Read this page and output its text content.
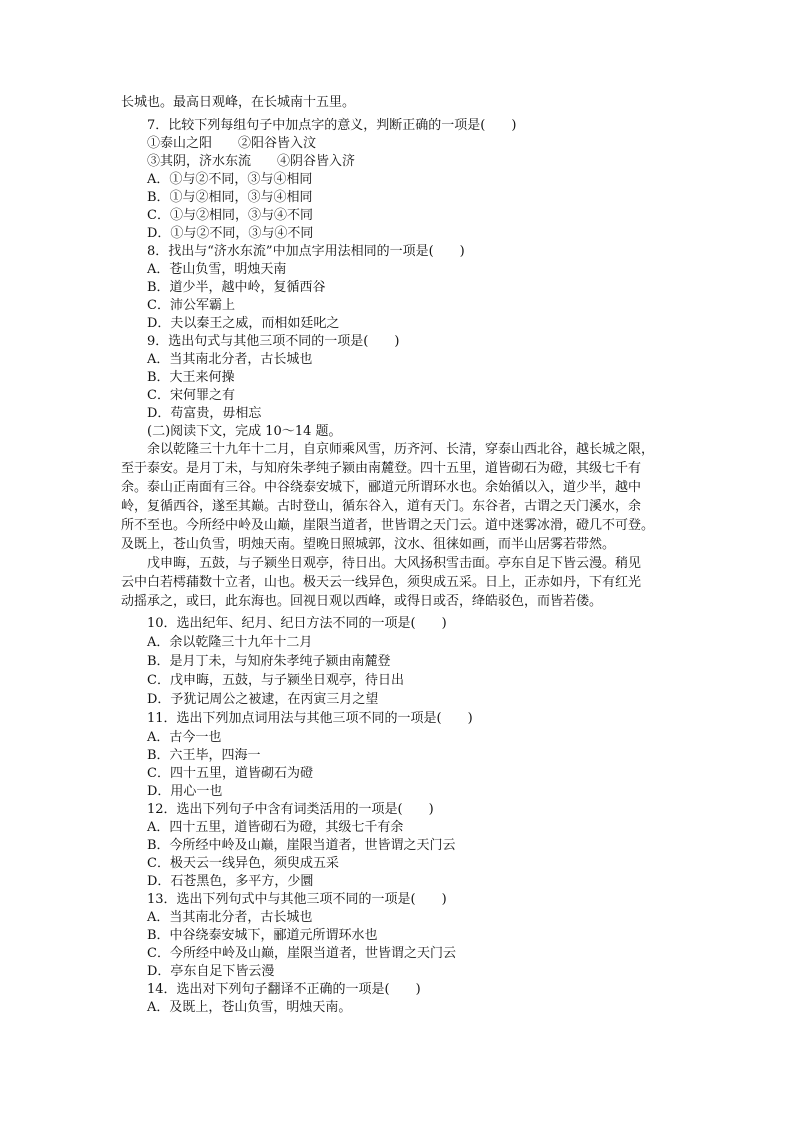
长城也。最高日观峰，在长城南十五里。
7．比较下列每组句子中加点字的意义，判断正确的一项是(　　)
①泰山之阳　　②阳谷皆入汶
③其阴，济水东流　　④阴谷皆入济
A．①与②不同，③与④相同
B．①与②相同，③与④相同
C．①与②相同，③与④不同
D．①与②不同，③与④不同
8．找出与“济水东流”中加点字用法相同的一项是(　　)
A．苍山负雪，明烛天南
B．道少半，越中岭，复循西谷
C．沛公军霸上
D．夫以秦王之威，而相如廷叱之
9．选出句式与其他三项不同的一项是(　　)
A．当其南北分者，古长城也
B．大王来何操
C．宋何罪之有
D．苟富贵，毋相忘
(二)阅读下文，完成 10～14 题。
余以乾隆三十九年十二月，自京师乘风雪，历齐河、长清，穿泰山西北谷，越长城之限，
至于泰安。是月丁未，与知府朱孝纯子颍由南麓登。四十五里，道皆砌石为磴，其级七千有
余。泰山正南面有三谷。中谷绕泰安城下，郦道元所谓环水也。余始循以入，道少半，越中
岭，复循西谷，遂至其巅。古时登山，循东谷入，道有天门。东谷者，古谓之天门溪水，余
所不至也。今所经中岭及山巅，崖限当道者，世皆谓之天门云。道中迷雾冰滑，磴几不可登。
及既上，苍山负雪，明烛天南。望晚日照城郭，汶水、徂徕如画，而半山居雾若带然。
戊申晦，五鼓，与子颍坐日观亭，待日出。大风扬积雪击面。亭东自足下皆云漫。稍见
云中白若樗蒱数十立者，山也。极天云一线异色，须臾成五采。日上，正赤如丹，下有红光
动摇承之，或曰，此东海也。回视日观以西峰，或得日或否，绛皓驳色，而皆若偻。
10．选出纪年、纪月、纪日方法不同的一项是(　　)
A．余以乾隆三十九年十二月
B．是月丁未，与知府朱孝纯子颍由南麓登
C．戊申晦，五鼓，与子颍坐日观亭，待日出
D．予犹记周公之被逮，在丙寅三月之望
11．选出下列加点词用法与其他三项不同的一项是(　　)
A．古今一也
B．六王毕，四海一
C．四十五里，道皆砌石为磴
D．用心一也
12．选出下列句子中含有词类活用的一项是(　　)
A．四十五里，道皆砌石为磴，其级七千有余
B．今所经中岭及山巅，崖限当道者，世皆谓之天门云
C．极天云一线异色，须臾成五采
D．石苍黑色，多平方，少圜
13．选出下列句式中与其他三项不同的一项是(　　)
A．当其南北分者，古长城也
B．中谷绕泰安城下，郦道元所谓环水也
C．今所经中岭及山巅，崖限当道者，世皆谓之天门云
D．亭东自足下皆云漫
14．选出对下列句子翻译不正确的一项是(　　)
A．及既上，苍山负雪，明烛天南。
